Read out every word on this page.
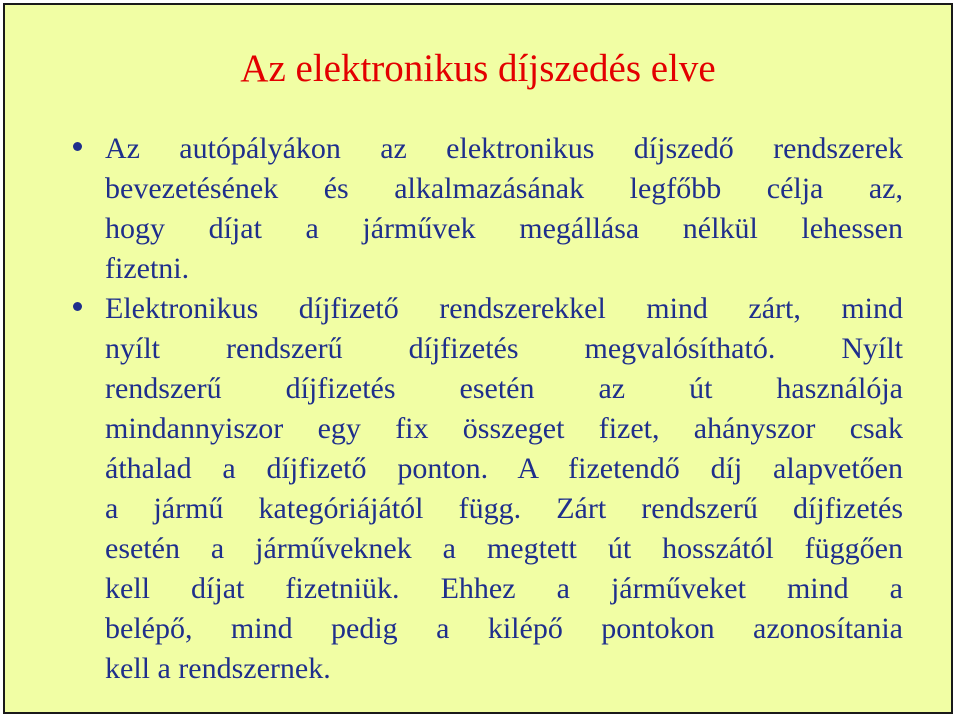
Az elektronikus díjszedés elve
Az autópályákon az elektronikus díjszedő rendszerek
bevezetésének és alkalmazásának legfőbb célja az,
hogy díjat a járművek megállása nélkül lehessen
fizetni.
Elektronikus díjfizető rendszerekkel mind zárt, mind
nyílt rendszerű díjfizetés megvalósítható. Nyílt
rendszerű díjfizetés esetén az út használója
mindannyiszor egy fix összeget fizet, ahányszor csak
áthalad a díjfizető ponton. A fizetendő díj alapvetően
a jármű kategóriájától függ. Zárt rendszerű díjfizetés
esetén a járműveknek a megtett út hosszától függően
kell díjat fizetniük. Ehhez a járműveket mind a
belépő, mind pedig a kilépő pontokon azonosítania
kell a rendszernek.
